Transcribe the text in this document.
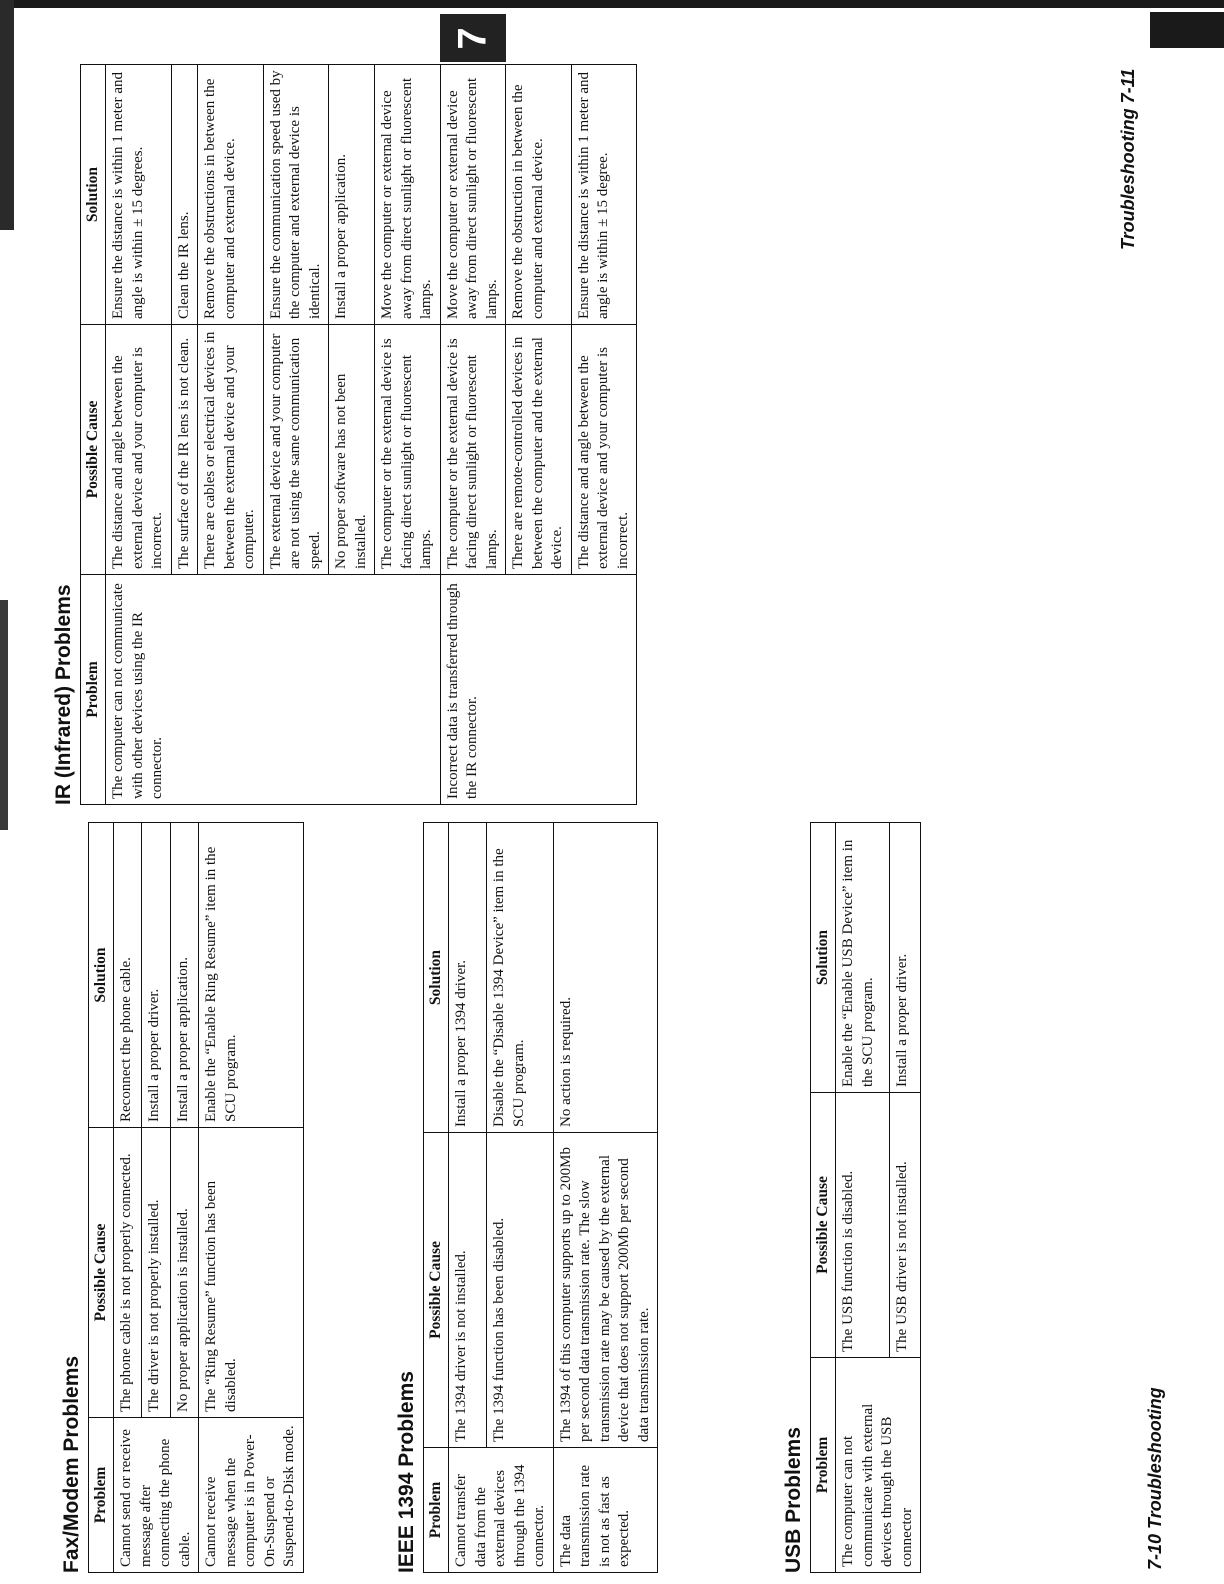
7
Fax/Modem Problems Problem	Possible Cause	Solution
Cannot send or receive message after connecting the phone cable.	The phone cable is not properly connected.	Reconnect the phone cable.
	The driver is not properly installed.	Install a proper driver.
	No proper application is installed.	Install a proper application.
Cannot receive message when the computer is in Power-On-Suspend or Suspend-to-Disk mode.	The “Ring Resume” function has been disabled.	Enable the “Enable Ring Resume” item in the SCU program.
IEEE 1394 Problems Problem	Possible Cause	Solution
Cannot transfer data from the external devices through the 1394 connector.	The 1394 driver is not installed.	Install a proper 1394 driver.
	The 1394 function has been disabled.	Disable the “Disable 1394 Device” item in the SCU program.
The data transmission rate is not as fast as expected.	The 1394 of this computer supports up to 200Mb per second data transmission rate. The slow transmission rate may be caused by the external device that does not support 200Mb per second data transmission rate.	No action is required.
USB Problems Problem	Possible Cause	Solution
The computer can not communicate with external devices through the USB connector	The USB function is disabled.	Enable the “Enable USB Device” item in the SCU program.
	The USB driver is not installed.	Install a proper driver.
IR (Infrared) Problems Problem	Possible Cause	Solution
The computer can not communicate with other devices using the IR connector.	The distance and angle between the external device and your computer is incorrect.	Ensure the distance is within 1 meter and angle is within ± 15 degrees.
	The surface of the IR lens is not clean.	Clean the IR lens.
	There are cables or electrical devices in between the external device and your computer.	Remove the obstructions in between the computer and external device.
	The external device and your computer are not using the same communication speed.	Ensure the communication speed used by the computer and external device is identical.
	No proper software has not been installed.	Install a proper application.
	The computer or the external device is facing direct sunlight or fluorescent lamps.	Move the computer or external device away from direct sunlight or fluorescent lamps.
Incorrect data is transferred through the IR connector.	The computer or the external device is facing direct sunlight or fluorescent lamps.	Move the computer or external device away from direct sunlight or fluorescent lamps.
	There are remote-controlled devices in between the computer and the external device.	Remove the obstruction in between the computer and external device.
	The distance and angle between the external device and your computer is incorrect.	Ensure the distance is within 1 meter and angle is within ± 15 degree.
7-10 Troubleshooting
Troubleshooting 7-11
